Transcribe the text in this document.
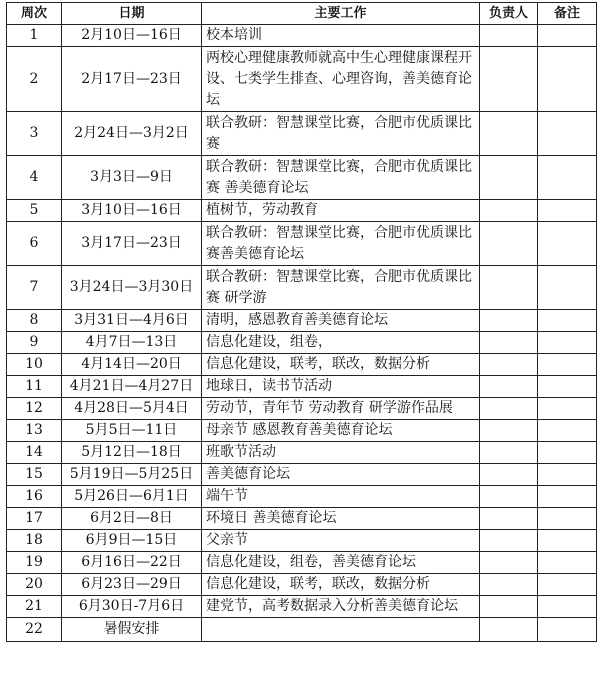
周次	日期	主要工作	负责人	备注
1	2月10日—16日	校本培训		
2	2月17日—23日	两校心理健康教师就高中生心理健康课程开设、七类学生排查、心理咨询，善美德育论坛		
3	2月24日—3月2日	联合教研：智慧课堂比赛，合肥市优质课比赛		
4	3月3日—9日	联合教研：智慧课堂比赛，合肥市优质课比赛 善美德育论坛		
5	3月10日—16日	植树节，劳动教育		
6	3月17日—23日	联合教研：智慧课堂比赛，合肥市优质课比赛善美德育论坛		
7	3月24日—3月30日	联合教研：智慧课堂比赛，合肥市优质课比赛 研学游		
8	3月31日—4月6日	清明，感恩教育善美德育论坛		
9	4月7日—13日	信息化建设，组卷，		
10	4月14日—20日	信息化建设，联考，联改，数据分析		
11	4月21日—4月27日	地球日，读书节活动		
12	4月28日—5月4日	劳动节，青年节 劳动教育 研学游作品展		
13	5月5日—11日	母亲节 感恩教育善美德育论坛		
14	5月12日—18日	班歌节活动		
15	5月19日—5月25日	善美德育论坛		
16	5月26日—6月1日	端午节		
17	6月2日—8日	环境日 善美德育论坛		
18	6月9日—15日	父亲节		
19	6月16日—22日	信息化建设，组卷，善美德育论坛		
20	6月23日—29日	信息化建设，联考，联改，数据分析		
21	6月30日-7月6日	建党节，高考数据录入分析善美德育论坛		
22	暑假安排			
